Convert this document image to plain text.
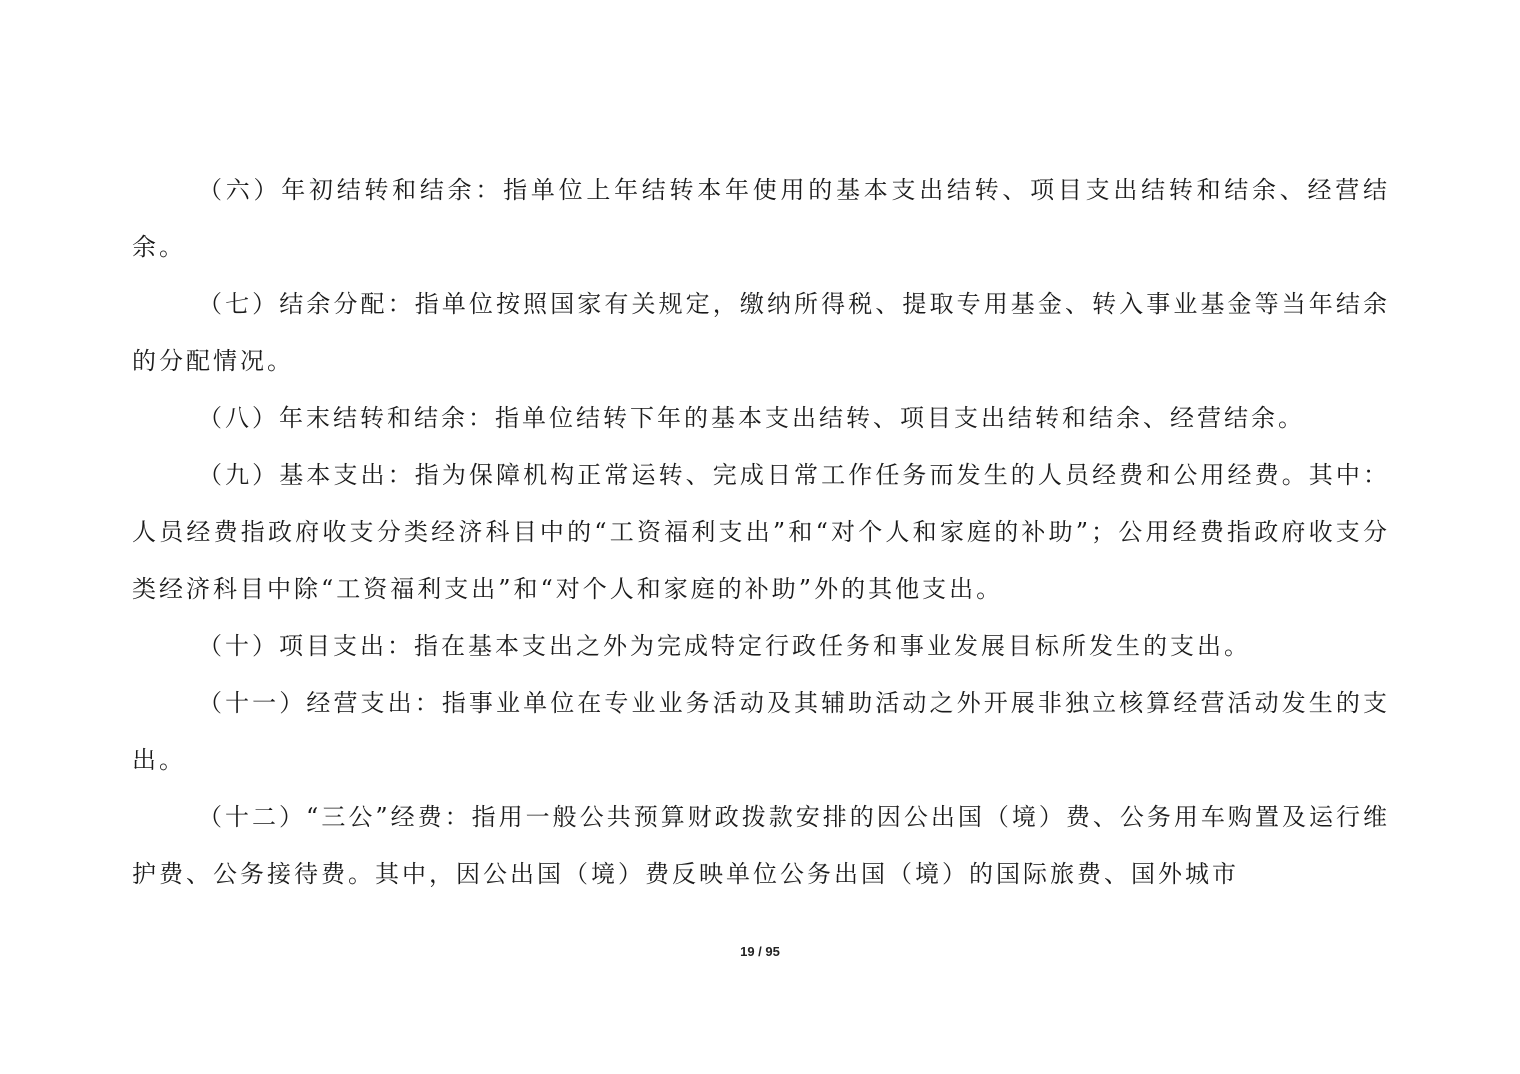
（六）年初结转和结余：指单位上年结转本年使用的基本支出结转、项目支出结转和结余、经营结余。

（七）结余分配：指单位按照国家有关规定，缴纳所得税、提取专用基金、转入事业基金等当年结余的分配情况。

（八）年末结转和结余：指单位结转下年的基本支出结转、项目支出结转和结余、经营结余。

（九）基本支出：指为保障机构正常运转、完成日常工作任务而发生的人员经费和公用经费。其中：人员经费指政府收支分类经济科目中的“工资福利支出”和“对个人和家庭的补助”；公用经费指政府收支分类经济科目中除“工资福利支出”和“对个人和家庭的补助”外的其他支出。

（十）项目支出：指在基本支出之外为完成特定行政任务和事业发展目标所发生的支出。

（十一）经营支出：指事业单位在专业业务活动及其辅助活动之外开展非独立核算经营活动发生的支出。

（十二）“三公”经费：指用一般公共预算财政拨款安排的因公出国（境）费、公务用车购置及运行维护费、公务接待费。其中，因公出国（境）费反映单位公务出国（境）的国际旅费、国外城市

19 / 95
